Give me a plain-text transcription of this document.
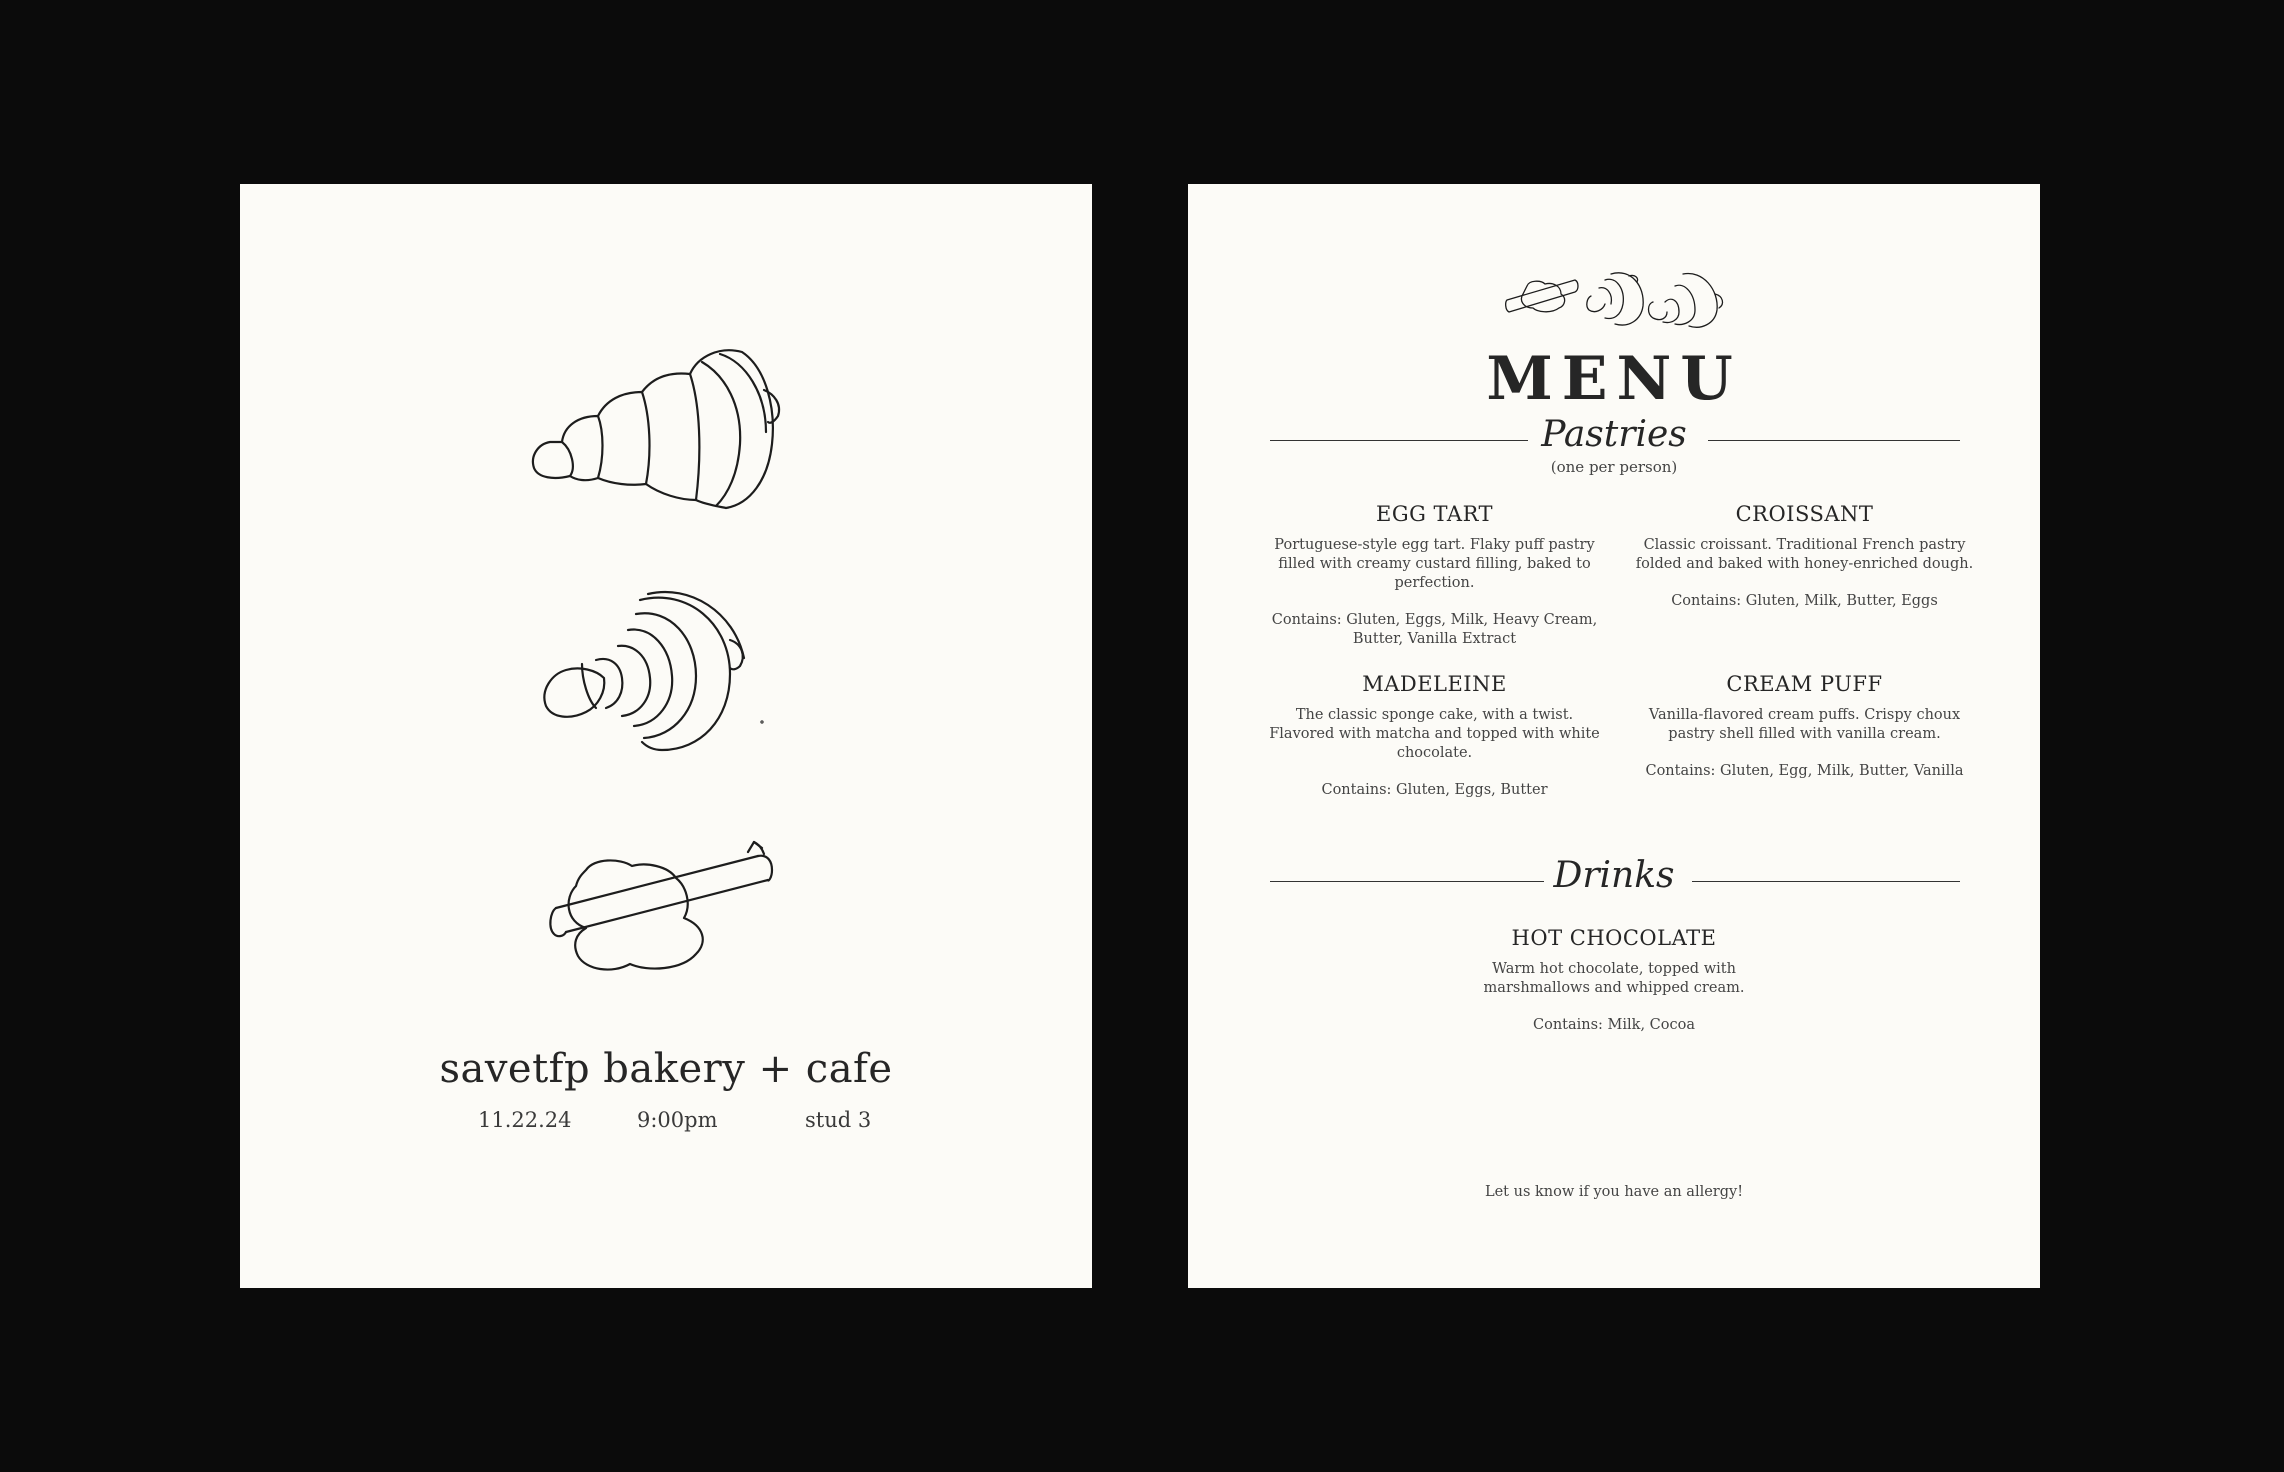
savetfp bakery + cafe
11.22.24	9:00pm	stud 3
MENU
Pastries
(one per person)
EGG TART

Portuguese-style egg tart. Flaky puff pastry filled with creamy custard filling, baked to perfection.

Contains: Gluten, Eggs, Milk, Heavy Cream, Butter, Vanilla Extract
CROISSANT

Classic croissant. Traditional French pastry folded and baked with honey-enriched dough.

Contains: Gluten, Milk, Butter, Eggs
MADELEINE

The classic sponge cake, with a twist. Flavored with matcha and topped with white chocolate.

Contains: Gluten, Eggs, Butter
CREAM PUFF

Vanilla-flavored cream puffs. Crispy choux pastry shell filled with vanilla cream.

Contains: Gluten, Egg, Milk, Butter, Vanilla
Drinks
HOT CHOCOLATE

Warm hot chocolate, topped with marshmallows and whipped cream.

Contains: Milk, Cocoa
Let us know if you have an allergy!
